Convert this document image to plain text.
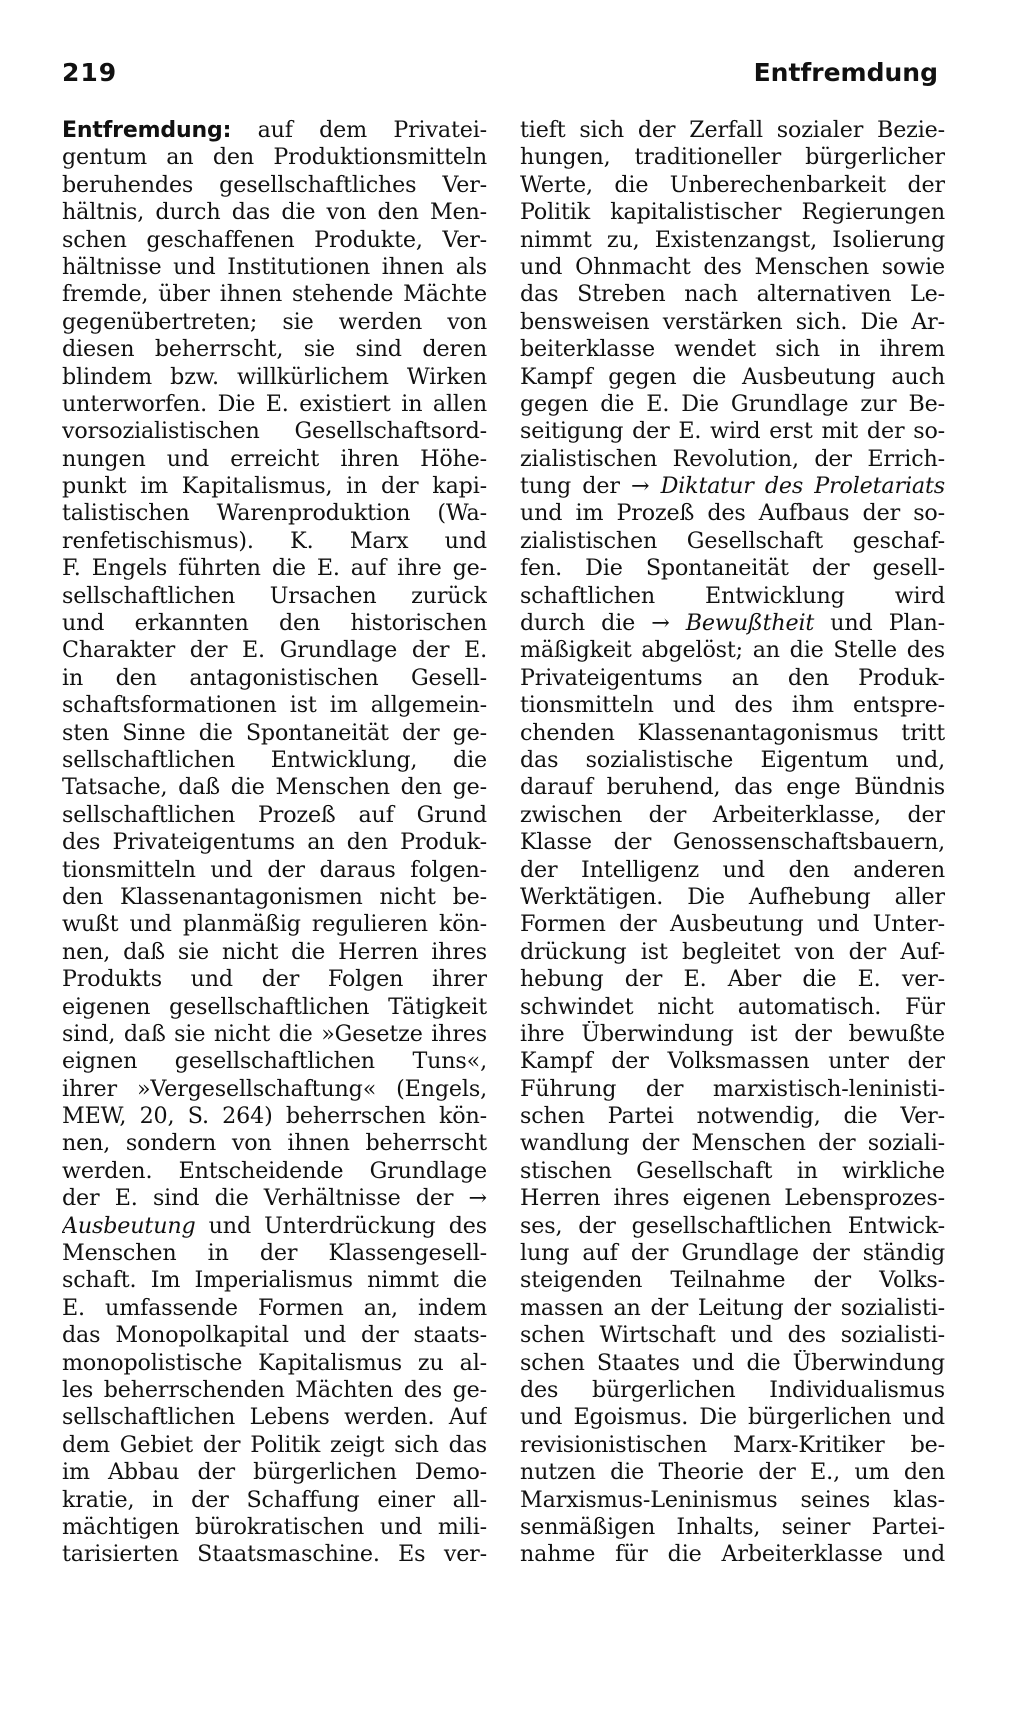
219	Entfremdung
Entfremdung: auf dem Privatei-
gentum an den Produktionsmitteln
beruhendes gesellschaftliches Ver-
hältnis, durch das die von den Men-
schen geschaffenen Produkte, Ver-
hältnisse und Institutionen ihnen als
fremde, über ihnen stehende Mächte
gegenübertreten; sie werden von
diesen beherrscht, sie sind deren
blindem bzw. willkürlichem Wirken
unterworfen. Die E. existiert in allen
vorsozialistischen Gesellschaftsord-
nungen und erreicht ihren Höhe-
punkt im Kapitalismus, in der kapi-
talistischen Warenproduktion (Wa-
renfetischismus). K. Marx und
F. Engels führten die E. auf ihre ge-
sellschaftlichen Ursachen zurück
und erkannten den historischen
Charakter der E. Grundlage der E.
in den antagonistischen Gesell-
schaftsformationen ist im allgemein-
sten Sinne die Spontaneität der ge-
sellschaftlichen Entwicklung, die
Tatsache, daß die Menschen den ge-
sellschaftlichen Prozeß auf Grund
des Privateigentums an den Produk-
tionsmitteln und der daraus folgen-
den Klassenantagonismen nicht be-
wußt und planmäßig regulieren kön-
nen, daß sie nicht die Herren ihres
Produkts und der Folgen ihrer
eigenen gesellschaftlichen Tätigkeit
sind, daß sie nicht die »Gesetze ihres
eignen gesellschaftlichen Tuns«,
ihrer »Vergesellschaftung« (Engels,
MEW, 20, S. 264) beherrschen kön-
nen, sondern von ihnen beherrscht
werden. Entscheidende Grundlage
der E. sind die Verhältnisse der →
Ausbeutung und Unterdrückung des
Menschen in der Klassengesell-
schaft. Im Imperialismus nimmt die
E. umfassende Formen an, indem
das Monopolkapital und der staats-
monopolistische Kapitalismus zu al-
les beherrschenden Mächten des ge-
sellschaftlichen Lebens werden. Auf
dem Gebiet der Politik zeigt sich das
im Abbau der bürgerlichen Demo-
kratie, in der Schaffung einer all-
mächtigen bürokratischen und mili-
tarisierten Staatsmaschine. Es ver-
tieft sich der Zerfall sozialer Bezie-
hungen, traditioneller bürgerlicher
Werte, die Unberechenbarkeit der
Politik kapitalistischer Regierungen
nimmt zu, Existenzangst, Isolierung
und Ohnmacht des Menschen sowie
das Streben nach alternativen Le-
bensweisen verstärken sich. Die Ar-
beiterklasse wendet sich in ihrem
Kampf gegen die Ausbeutung auch
gegen die E. Die Grundlage zur Be-
seitigung der E. wird erst mit der so-
zialistischen Revolution, der Errich-
tung der → Diktatur des Proletariats
und im Prozeß des Aufbaus der so-
zialistischen Gesellschaft geschaf-
fen. Die Spontaneität der gesell-
schaftlichen Entwicklung wird
durch die → Bewußtheit und Plan-
mäßigkeit abgelöst; an die Stelle des
Privateigentums an den Produk-
tionsmitteln und des ihm entspre-
chenden Klassenantagonismus tritt
das sozialistische Eigentum und,
darauf beruhend, das enge Bündnis
zwischen der Arbeiterklasse, der
Klasse der Genossenschaftsbauern,
der Intelligenz und den anderen
Werktätigen. Die Aufhebung aller
Formen der Ausbeutung und Unter-
drückung ist begleitet von der Auf-
hebung der E. Aber die E. ver-
schwindet nicht automatisch. Für
ihre Überwindung ist der bewußte
Kampf der Volksmassen unter der
Führung der marxistisch-leninisti-
schen Partei notwendig, die Ver-
wandlung der Menschen der soziali-
stischen Gesellschaft in wirkliche
Herren ihres eigenen Lebensprozes-
ses, der gesellschaftlichen Entwick-
lung auf der Grundlage der ständig
steigenden Teilnahme der Volks-
massen an der Leitung der sozialisti-
schen Wirtschaft und des sozialisti-
schen Staates und die Überwindung
des bürgerlichen Individualismus
und Egoismus. Die bürgerlichen und
revisionistischen Marx-Kritiker be-
nutzen die Theorie der E., um den
Marxismus-Leninismus seines klas-
senmäßigen Inhalts, seiner Partei-
nahme für die Arbeiterklasse und
